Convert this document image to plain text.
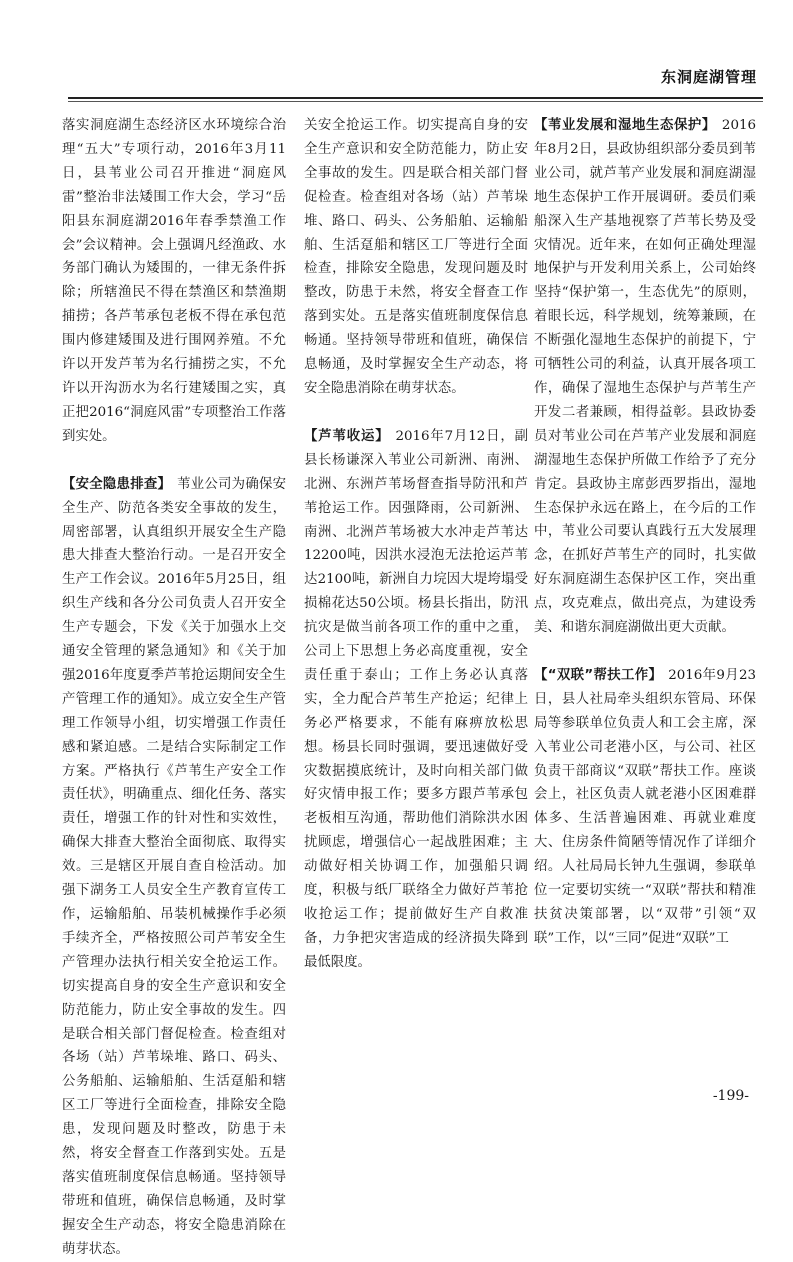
东洞庭湖管理

落实洞庭湖生态经济区水环境综合治理“五大”专项行动，2016年3月11日，县苇业公司召开推进“洞庭风雷”整治非法矮围工作大会，学习“岳阳县东洞庭湖2016年春季禁渔工作会”会议精神。会上强调凡经渔政、水务部门确认为矮围的，一律无条件拆除；所辖渔民不得在禁渔区和禁渔期捕捞；各芦苇承包老板不得在承包范围内修建矮围及进行围网养殖。不允许以开发芦苇为名行捕捞之实，不允许以开沟沥水为名行建矮围之实，真正把2016“洞庭风雷”专项整治工作落到实处。

【安全隐患排查】 苇业公司为确保安全生产、防范各类安全事故的发生，周密部署，认真组织开展安全生产隐患大排查大整治行动。一是召开安全生产工作会议。2016年5月25日，组织生产线和各分公司负责人召开安全生产专题会，下发《关于加强水上交通安全管理的紧急通知》和《关于加强2016年度夏季芦苇抢运期间安全生产管理工作的通知》。成立安全生产管理工作领导小组，切实增强工作责任感和紧迫感。二是结合实际制定工作方案。严格执行《芦苇生产安全工作责任状》，明确重点、细化任务、落实责任，增强工作的针对性和实效性，确保大排查大整治全面彻底、取得实效。三是辖区开展自查自检活动。加强下湖务工人员安全生产教育宣传工作，运输船舶、吊装机械操作手必须手续齐全，严格按照公司芦苇安全生产管理办法执行相关安全抢运工作。切实提高自身的安全生产意识和安全防范能力，防止安全事故的发生。四是联合相关部门督促检查。检查组对各场（站）芦苇垛堆、路口、码头、公务船舶、运输船舶、生活趸船和辖区工厂等进行全面检查，排除安全隐患，发现问题及时整改，防患于未然，将安全督查工作落到实处。五是落实值班制度保信息畅通。坚持领导带班和值班，确保信息畅通，及时掌握安全生产动态，将安全隐患消除在萌芽状态。

关安全抢运工作。切实提高自身的安全生产意识和安全防范能力，防止安全事故的发生。四是联合相关部门督促检查。检查组对各场（站）芦苇垛堆、路口、码头、公务船舶、运输船舶、生活趸船和辖区工厂等进行全面检查，排除安全隐患，发现问题及时整改，防患于未然，将安全督查工作落到实处。五是落实值班制度保信息畅通。坚持领导带班和值班，确保信息畅通，及时掌握安全生产动态，将安全隐患消除在萌芽状态。

【芦苇收运】 2016年7月12日，副县长杨谦深入苇业公司新洲、南洲、北洲、东洲芦苇场督查指导防汛和芦苇抢运工作。因强降雨，公司新洲、南洲、北洲芦苇场被大水冲走芦苇达12200吨，因洪水浸泡无法抢运芦苇达2100吨，新洲自力垸因大堤垮塌受损棉花达50公顷。杨县长指出，防汛抗灾是做当前各项工作的重中之重，公司上下思想上务必高度重视，安全责任重于泰山；工作上务必认真落实，全力配合芦苇生产抢运；纪律上务必严格要求，不能有麻痹放松思想。杨县长同时强调，要迅速做好受灾数据摸底统计，及时向相关部门做好灾情申报工作；要多方跟芦苇承包老板相互沟通，帮助他们消除洪水困扰顾虑，增强信心一起战胜困难；主动做好相关协调工作，加强船只调度，积极与纸厂联络全力做好芦苇抢收抢运工作；提前做好生产自救准备，力争把灾害造成的经济损失降到最低限度。

【苇业发展和湿地生态保护】 2016年8月2日，县政协组织部分委员到苇业公司，就芦苇产业发展和洞庭湖湿地生态保护工作开展调研。委员们乘船深入生产基地视察了芦苇长势及受灾情况。近年来，在如何正确处理湿地保护与开发利用关系上，公司始终坚持“保护第一，生态优先”的原则，着眼长远，科学规划，统筹兼顾，在不断强化湿地生态保护的前提下，宁可牺牲公司的利益，认真开展各项工作，确保了湿地生态保护与芦苇生产开发二者兼顾，相得益彰。县政协委员对苇业公司在芦苇产业发展和洞庭湖湿地生态保护所做工作给予了充分肯定。县政协主席彭西罗指出，湿地生态保护永远在路上，在今后的工作中，苇业公司要认真践行五大发展理念，在抓好芦苇生产的同时，扎实做好东洞庭湖生态保护区工作，突出重点，攻克难点，做出亮点，为建设秀美、和谐东洞庭湖做出更大贡献。

【“双联”帮扶工作】 2016年9月23日，县人社局牵头组织东管局、环保局等参联单位负责人和工会主席，深入苇业公司老港小区，与公司、社区负责干部商议“双联”帮扶工作。座谈会上，社区负责人就老港小区困难群体多、生活普遍困难、再就业难度大、住房条件简陋等情况作了详细介绍。人社局局长钟九生强调，参联单位一定要切实统一“双联”帮扶和精准扶贫决策部署，以“双带”引领“双联”工作，以“三同”促进“双联”工

-199-
